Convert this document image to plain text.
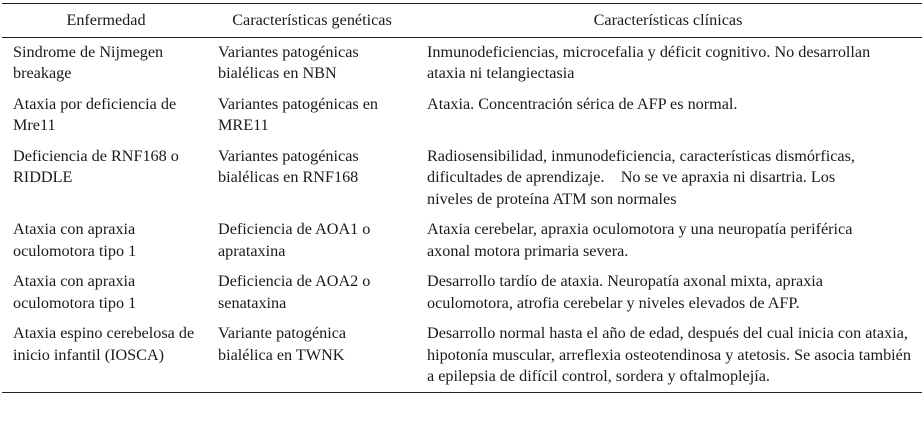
Enfermedad	Características genéticas	Características clínicas
Sindrome de Nijmegen breakage	Variantes patogénicas bialélicas en NBN	Inmunodeficiencias, microcefalia y déficit cognitivo. No desarrollan ataxia ni telangiectasia
Ataxia por deficiencia de Mre11	Variantes patogénicas en MRE11	Ataxia. Concentración sérica de AFP es normal.
Deficiencia de RNF168 o RIDDLE	Variantes patogénicas bialélicas en RNF168	Radiosensibilidad, inmunodeficiencia, características dismórficas, dificultades de aprendizaje.    No se ve apraxia ni disartria. Los niveles de proteína ATM son normales
Ataxia con apraxia oculomotora tipo 1	Deficiencia de AOA1 o aprataxina	Ataxia cerebelar, apraxia oculomotora y una neuropatía periférica axonal motora primaria severa.
Ataxia con apraxia oculomotora tipo 1	Deficiencia de AOA2 o senataxina	Desarrollo tardío de ataxia. Neuropatía axonal mixta, apraxia oculomotora, atrofia cerebelar y niveles elevados de AFP.
Ataxia espino cerebelosa de inicio infantil (IOSCA)	Variante patogénica bialélica en TWNK	Desarrollo normal hasta el año de edad, después del cual inicia con ataxia, hipotonía muscular, arreflexia osteotendinosa y atetosis. Se asocia también a epilepsia de difícil control, sordera y oftalmoplejía.
